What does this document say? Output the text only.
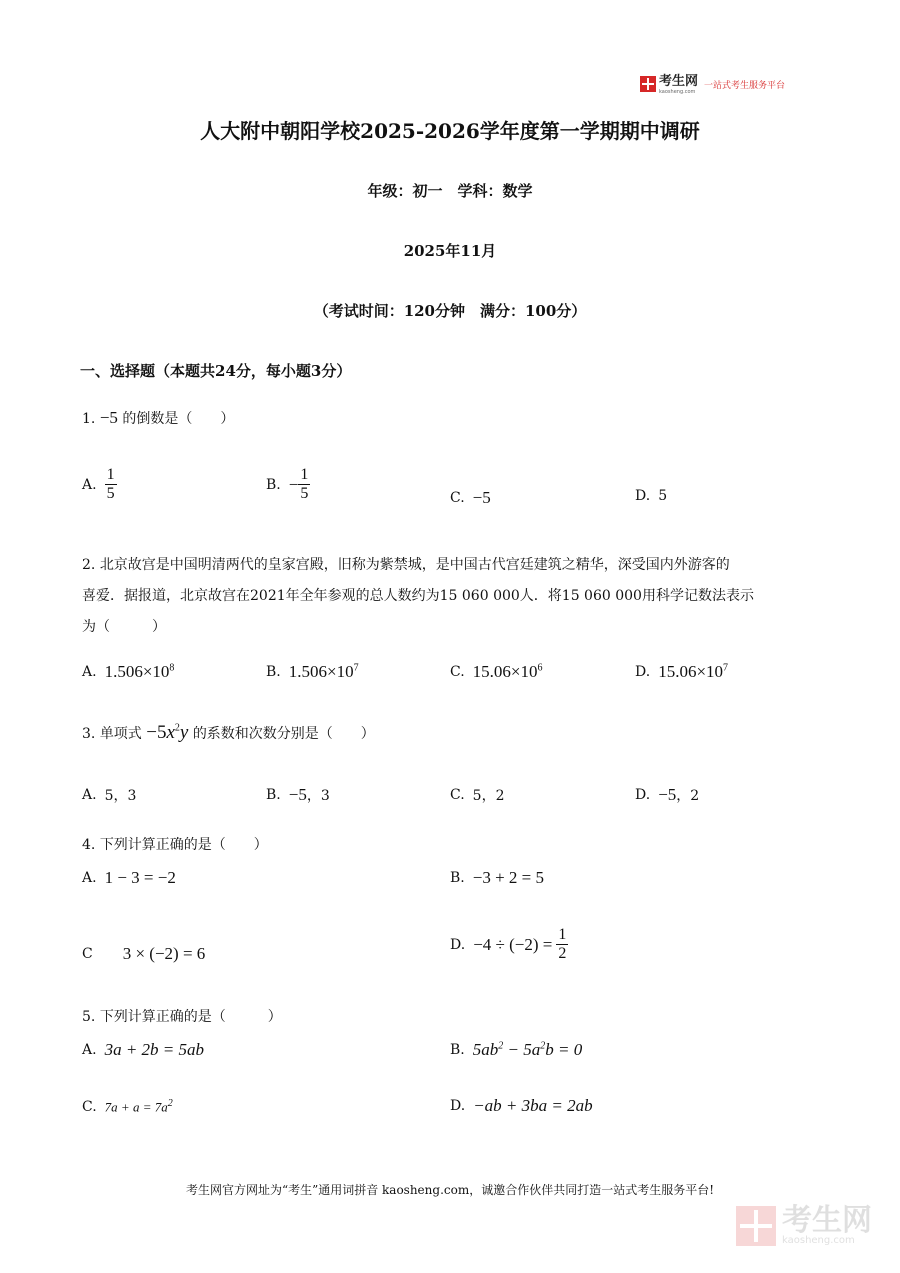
考生网
kaosheng.com
一站式考生服务平台
人大附中朝阳学校2025-2026学年度第一学期期中调研
年级：初一　学科：数学
2025年11月
（考试时间：120分钟　满分：100分）
一、选择题（本题共24分，每小题3分）
1. −5 的倒数是（　　）
A. $\frac{1}{5}$	B. − $\frac{1}{5}$	C. −5	D. 5
2. 北京故宫是中国明清两代的皇家宫殿，旧称为紫禁城，是中国古代宫廷建筑之精华，深受国内外游客的
喜爱．据报道，北京故宫在2021年全年参观的总人数约为15 060 000人．将15 060 000用科学记数法表示
为（　　　）
A. $1.506\times 10^8$	B. $1.506\times 10^7$	C. $15.06\times 10^6$	D. $15.06\times 10^7$
3. 单项式 $-5x^2y$ 的系数和次数分别是（　　）
A. 5，3	B. −5 ，3	C. 5，2	D. −5 ，2
4. 下列计算正确的是（　　）
A. 1 − 3 = −2	B. −3 + 2 = 5
C 3 × (−2) = 6	D. $-4 \div (-2) = \frac{1}{2}$
5. 下列计算正确的是（　　　）
A. 3a + 2b = 5ab	B. $5ab^2 - 5a^2b = 0$
C. $7a + a = 7a^2$	D. −ab + 3ba = 2ab
考生网官方网址为“考生”通用词拼音 kaosheng.com，诚邀合作伙伴共同打造一站式考生服务平台!
考生网
kaosheng.com
